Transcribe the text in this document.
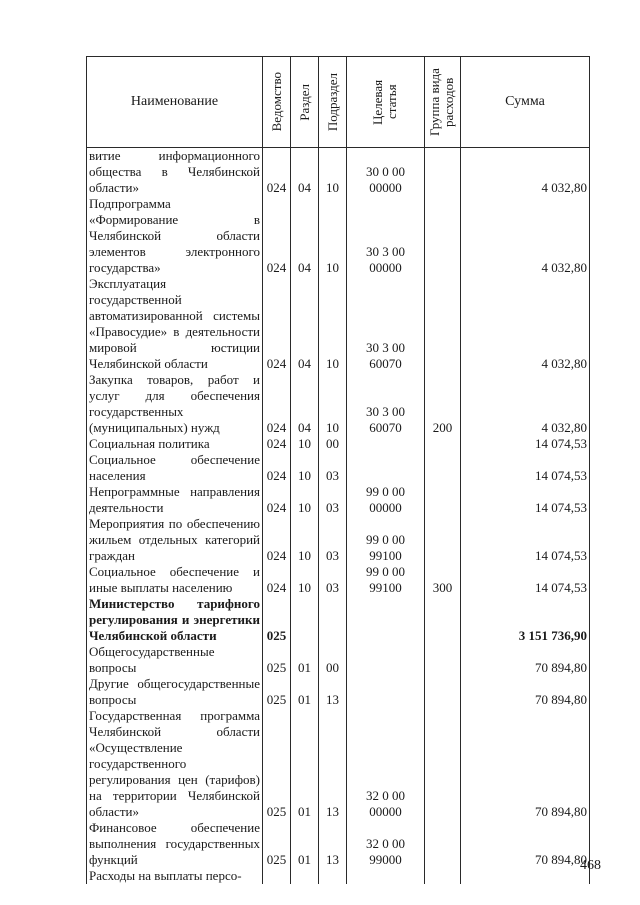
Наименование	Ведомство	Раздел	Подраздел	Целевая статья	Группа вида расходов	Сумма
витие информационного общества в Челябинской области»	024	04	10	30 0 00 00000		4 032,80
Подпрограмма «Формирование в Челябинской области элементов электронного государства»	024	04	10	30 3 00 00000		4 032,80
Эксплуатация государственной автоматизированной системы «Правосудие» в деятельности мировой юстиции Челябинской области	024	04	10	30 3 00 60070		4 032,80
Закупка товаров, работ и услуг для обеспечения государственных (муниципальных) нужд	024	04	10	30 3 00 60070	200	4 032,80
Социальная политика	024	10	00			14 074,53
Социальное обеспечение населения	024	10	03			14 074,53
Непрограммные направления деятельности	024	10	03	99 0 00 00000		14 074,53
Мероприятия по обеспечению жильем отдельных категорий граждан	024	10	03	99 0 00 99100		14 074,53
Социальное обеспечение и иные выплаты населению	024	10	03	99 0 00 99100	300	14 074,53
Министерство тарифного регулирования и энергетики Челябинской области	025					3 151 736,90
Общегосударственные вопросы	025	01	00			70 894,80
Другие общегосударственные вопросы	025	01	13			70 894,80
Государственная программа Челябинской области «Осуществление государственного регулирования цен (тарифов) на территории Челябинской области»	025	01	13	32 0 00 00000		70 894,80
Финансовое обеспечение выполнения государственных функций	025	01	13	32 0 00 99000		70 894,80
Расходы на выплаты персо-						
468
